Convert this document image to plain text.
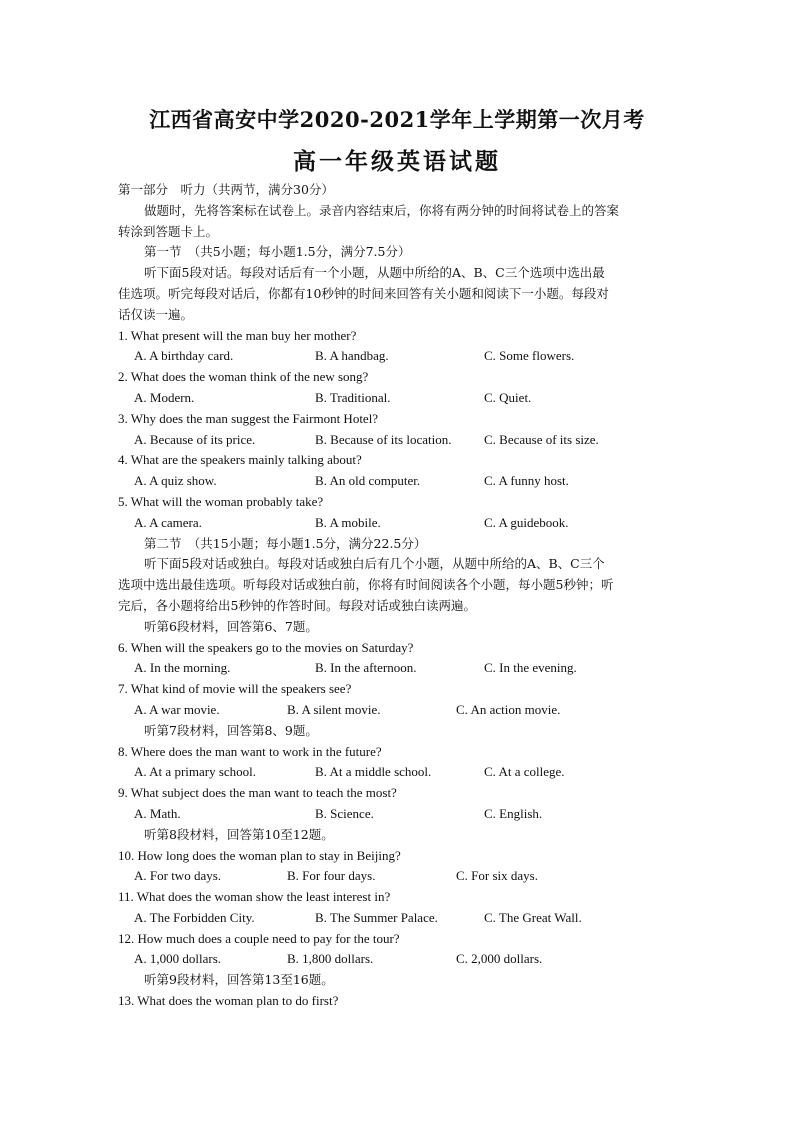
江西省高安中学2020-2021学年上学期第一次月考
高一年级英语试题
第一部分　听力（共两节，满分30分）
做题时，先将答案标在试卷上。录音内容结束后，你将有两分钟的时间将试卷上的答案
转涂到答题卡上。
第一节　（共5小题；每小题1.5分，满分7.5分）
听下面5段对话。每段对话后有一个小题，从题中所给的A、B、C三个选项中选出最
佳选项。听完每段对话后，你都有10秒钟的时间来回答有关小题和阅读下一小题。每段对
话仅读一遍。
1. What present will the man buy her mother?
A. A birthday card.	B. A handbag.	C. Some flowers.
2. What does the woman think of the new song?
A. Modern.	B. Traditional.	C. Quiet.
3. Why does the man suggest the Fairmont Hotel?
A. Because of its price.	B. Because of its location.	C. Because of its size.
4. What are the speakers mainly talking about?
A. A quiz show.	B. An old computer.	C. A funny host.
5. What will the woman probably take?
A. A camera.	B. A mobile.	C. A guidebook.
第二节　（共15小题；每小题1.5分，满分22.5分）
听下面5段对话或独白。每段对话或独白后有几个小题，从题中所给的A、B、C三个
选项中选出最佳选项。听每段对话或独白前，你将有时间阅读各个小题，每小题5秒钟；听
完后，各小题将给出5秒钟的作答时间。每段对话或独白读两遍。
听第6段材料，回答第6、7题。
6. When will the speakers go to the movies on Saturday?
A. In the morning.	B. In the afternoon.	C. In the evening.
7. What kind of movie will the speakers see?
A. A war movie.	B. A silent movie.	C. An action movie.
听第7段材料，回答第8、9题。
8. Where does the man want to work in the future?
A. At a primary school.	B. At a middle school.	C. At a college.
9. What subject does the man want to teach the most?
A. Math.	B. Science.	C. English.
听第8段材料，回答第10至12题。
10. How long does the woman plan to stay in Beijing?
A. For two days.	B. For four days.	C. For six days.
11. What does the woman show the least interest in?
A. The Forbidden City.	B. The Summer Palace.	C. The Great Wall.
12. How much does a couple need to pay for the tour?
A. 1,000 dollars.	B. 1,800 dollars.	C. 2,000 dollars.
听第9段材料，回答第13至16题。
13. What does the woman plan to do first?
